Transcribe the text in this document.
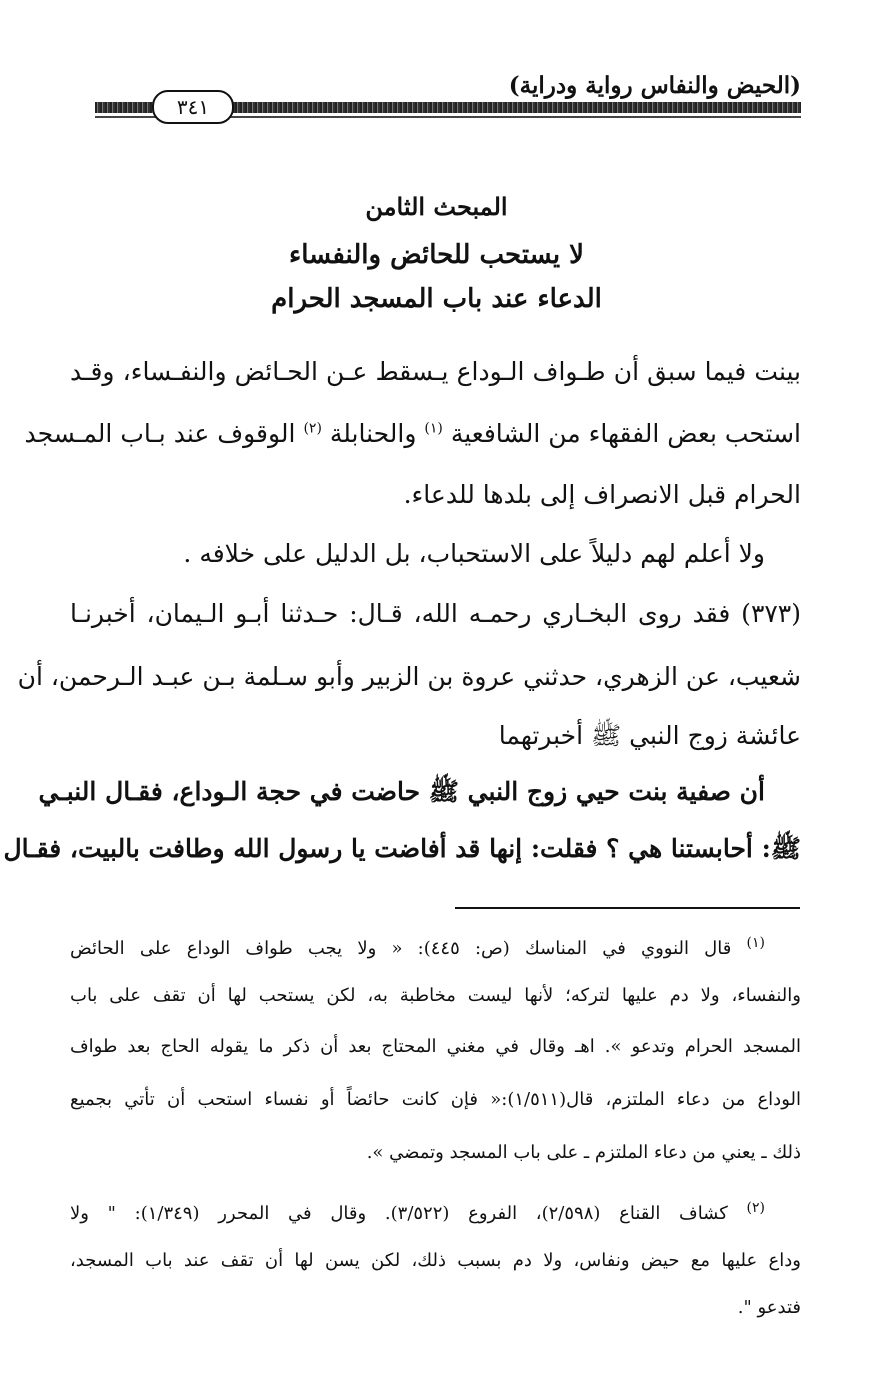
(الحيض والنفاس رواية ودراية)
٣٤١
المبحث الثامن
لا يستحب للحائض والنفساء
الدعاء عند باب المسجد الحرام
بينت فيما سبق أن طـواف الـوداع يـسقط عـن الحـائض والنفـساء، وقـد
استحب بعض الفقهاء من الشافعية $^{(١)}$ والحنابلة $^{(٢)}$ الوقوف عند بـاب المـسجد
الحرام قبل الانصراف إلى بلدها للدعاء.
ولا أعلم لهم دليلاً على الاستحباب، بل الدليل على خلافه .
(٣٧٣) فقد روى البخـاري رحمـه الله، قـال: حـدثنا أبـو الـيمان، أخبرنـا
شعيب، عن الزهري، حدثني عروة بن الزبير وأبو سـلمة بـن عبـد الـرحمن، أن
عائشة زوج النبي ﷺ أخبرتهما
أن صفية بنت حيي زوج النبي ﷺ حاضت في حجة الـوداع، فقـال النبـي
ﷺ: أحابستنا هي ؟ فقلت: إنها قد أفاضت يا رسول الله وطافت بالبيت، فقـال
$^{(١)}$ قال النووي في المناسك (ص: ٤٤٥): « ولا يجب طواف الوداع على الحائض
والنفساء، ولا دم عليها لتركه؛ لأنها ليست مخاطبة به، لكن يستحب لها أن تقف على باب
المسجد الحرام وتدعو ». اهـ وقال في مغني المحتاج بعد أن ذكر ما يقوله الحاج بعد طواف
الوداع من دعاء الملتزم، قال(١/٥١١):« فإن كانت حائضاً أو نفساء استحب أن تأتي بجميع
ذلك ـ يعني من دعاء الملتزم ـ على باب المسجد وتمضي ».
$^{(٢)}$ كشاف القناع (٢/٥٩٨)، الفروع (٣/٥٢٢). وقال في المحرر (١/٣٤٩): " ولا
وداع عليها مع حيض ونفاس، ولا دم بسبب ذلك، لكن يسن لها أن تقف عند باب المسجد،
فتدعو ".
